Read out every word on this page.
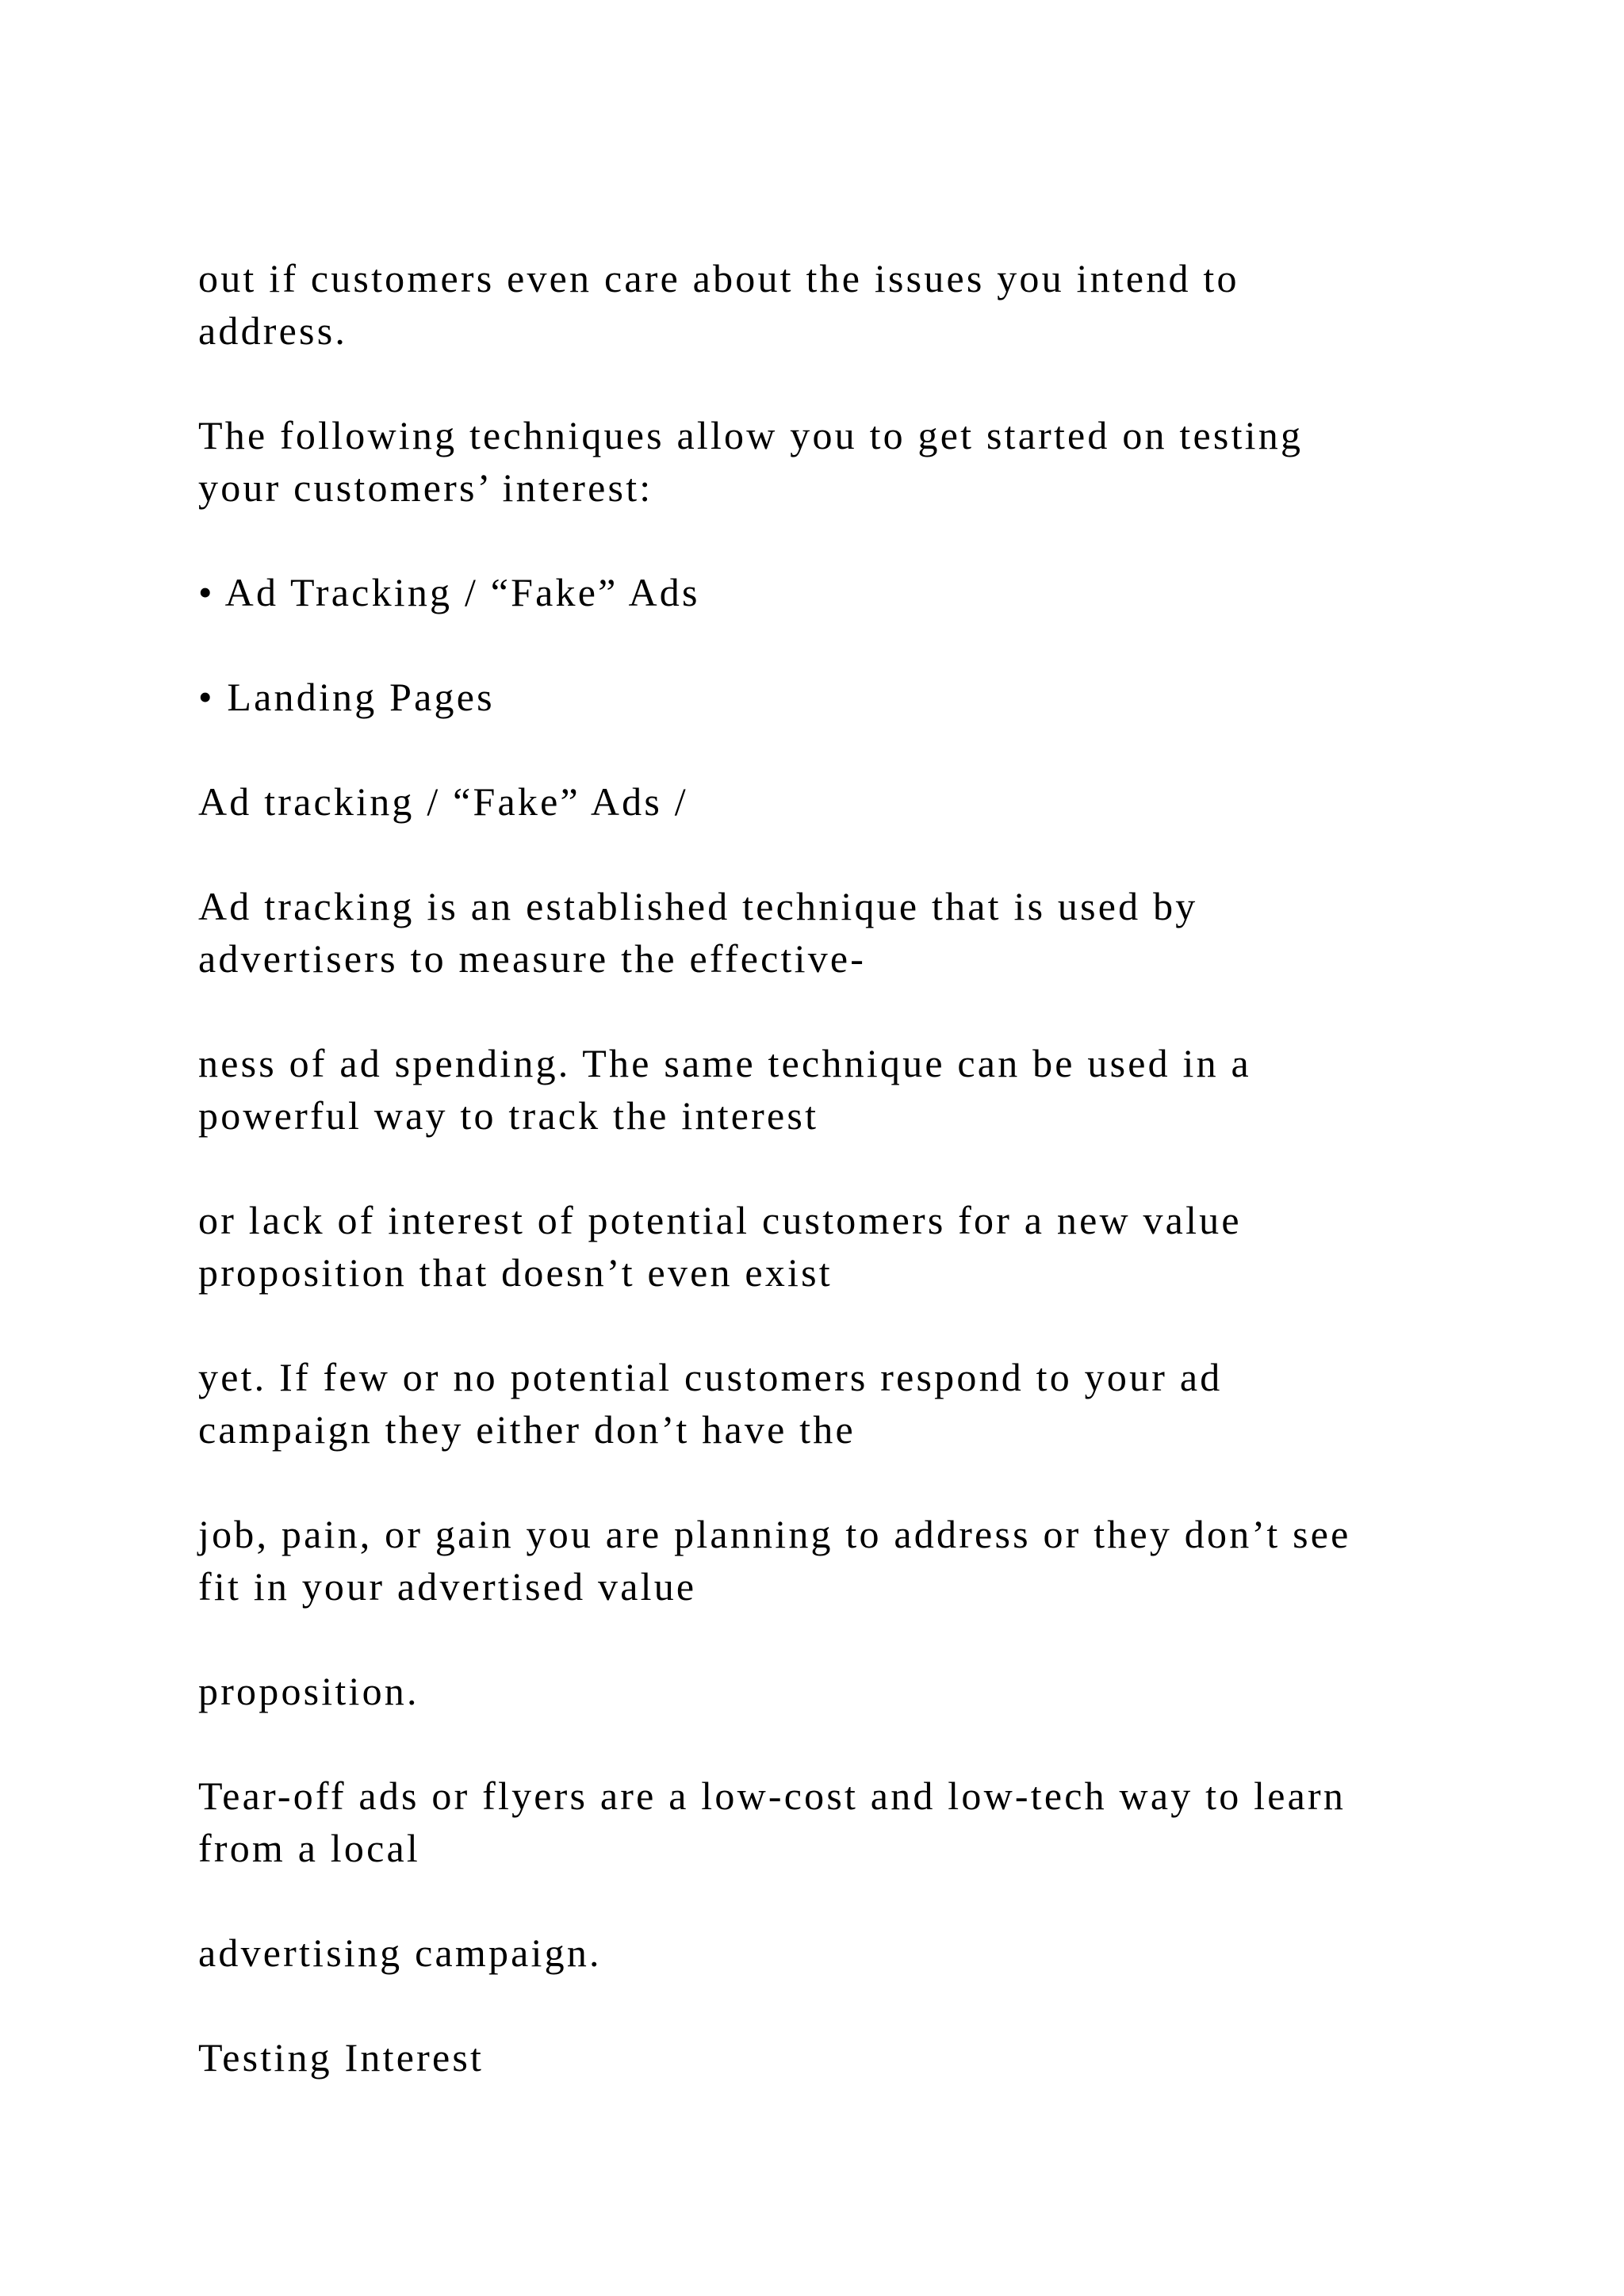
out if customers even care about the issues you intend to
address.

The following techniques allow you to get started on testing
your customers’ interest:

• Ad Tracking / “Fake” Ads

• Landing Pages

Ad tracking / “Fake” Ads /

Ad tracking is an established technique that is used by
advertisers to measure the effective-

ness of ad spending. The same technique can be used in a
powerful way to track the interest

or lack of interest of potential customers for a new value
proposition that doesn’t even exist

yet. If few or no potential customers respond to your ad
campaign they either don’t have the

job, pain, or gain you are planning to address or they don’t see
fit in your advertised value

proposition.

Tear-off ads or flyers are a low-cost and low-tech way to learn
from a local

advertising campaign.

Testing Interest
